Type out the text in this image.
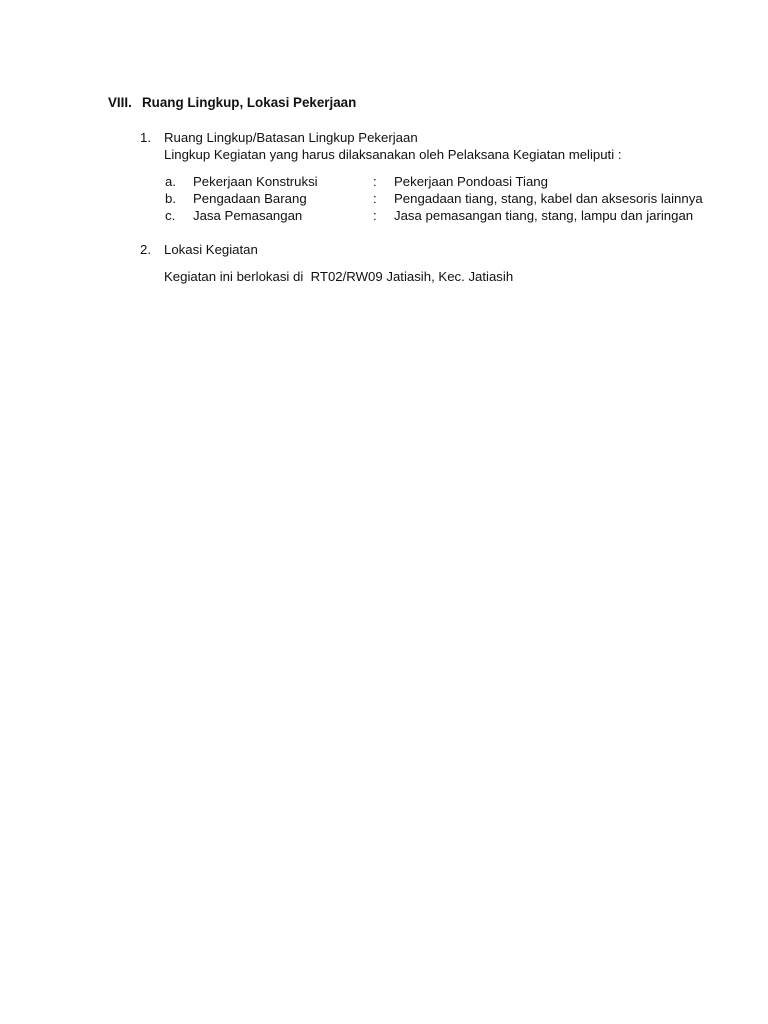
VIII. Ruang Lingkup, Lokasi Pekerjaan
1. Ruang Lingkup/Batasan Lingkup Pekerjaan
Lingkup Kegiatan yang harus dilaksanakan oleh Pelaksana Kegiatan meliputi :
a. Pekerjaan Konstruksi	: Pekerjaan Pondoasi Tiang
b. Pengadaan Barang	: Pengadaan tiang, stang, kabel dan aksesoris lainnya
c. Jasa Pemasangan	: Jasa pemasangan tiang, stang, lampu dan jaringan
2. Lokasi Kegiatan
Kegiatan ini berlokasi di  RT02/RW09 Jatiasih, Kec. Jatiasih
